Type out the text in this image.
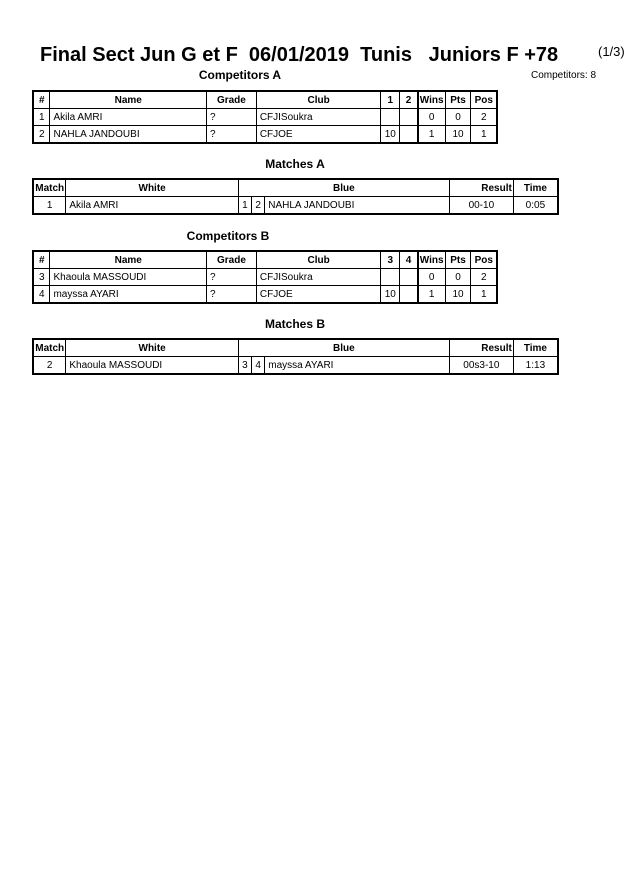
Final Sect Jun G et F  06/01/2019  Tunis   Juniors F +78	(1/3)
Competitors: 8
Competitors A
#	Name	Grade	Club	1	2	Wins	Pts	Pos
1	Akila AMRI	?	CFJISoukra			0	0	2
2	NAHLA JANDOUBI	?	CFJOE	10		1	10	1
Matches A
Match	White	Blue			Result	Time
1	Akila AMRI	1	2	NAHLA JANDOUBI	00-10	0:05
Competitors B
#	Name	Grade	Club	3	4	Wins	Pts	Pos
3	Khaoula MASSOUDI	?	CFJISoukra			0	0	2
4	mayssa AYARI	?	CFJOE	10		1	10	1
Matches B
Match	White	Blue			Result	Time
2	Khaoula MASSOUDI	3	4	mayssa AYARI	00s3-10	1:13
